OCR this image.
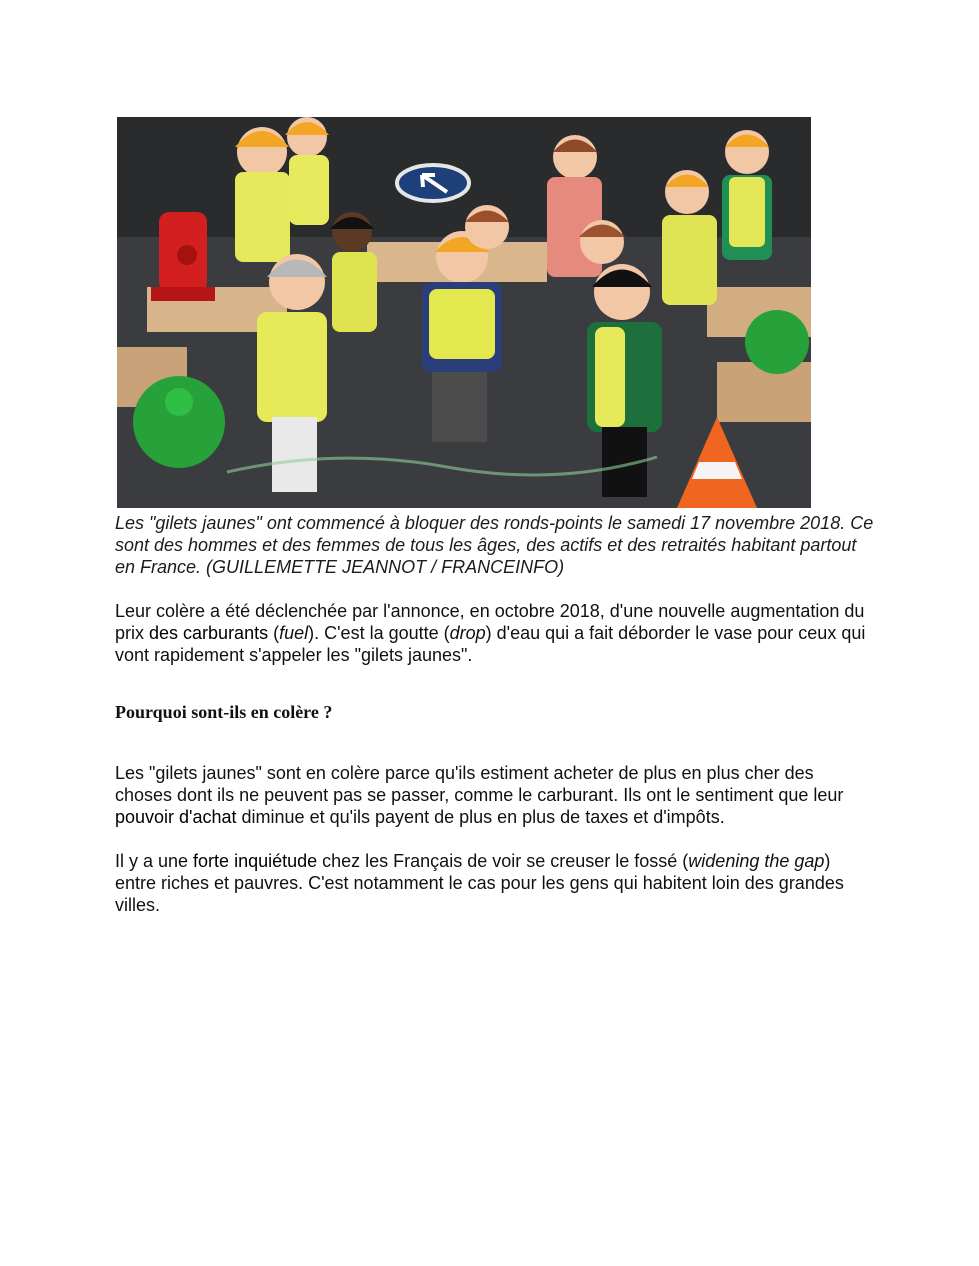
Les "gilets jaunes" ont commencé à bloquer des ronds-points le samedi 17 novembre 2018. Ce sont des hommes et des femmes de tous les âges, des actifs et des retraités habitant partout en France. (GUILLEMETTE JEANNOT / FRANCEINFO)

Leur colère a été déclenchée par l'annonce, en octobre 2018, d'une nouvelle augmentation du prix des carburants (fuel). C'est la goutte (drop) d'eau qui a fait déborder le vase pour ceux qui vont rapidement s'appeler les "gilets jaunes".

Pourquoi sont-ils en colère ?

Les "gilets jaunes" sont en colère parce qu'ils estiment acheter de plus en plus cher des choses dont ils ne peuvent pas se passer, comme le carburant. Ils ont le sentiment que leur pouvoir d'achat diminue et qu'ils payent de plus en plus de taxes et d'impôts.

Il y a une forte inquiétude chez les Français de voir se creuser le fossé (widening the gap) entre riches et pauvres. C'est notamment le cas pour les gens qui habitent loin des grandes villes.
